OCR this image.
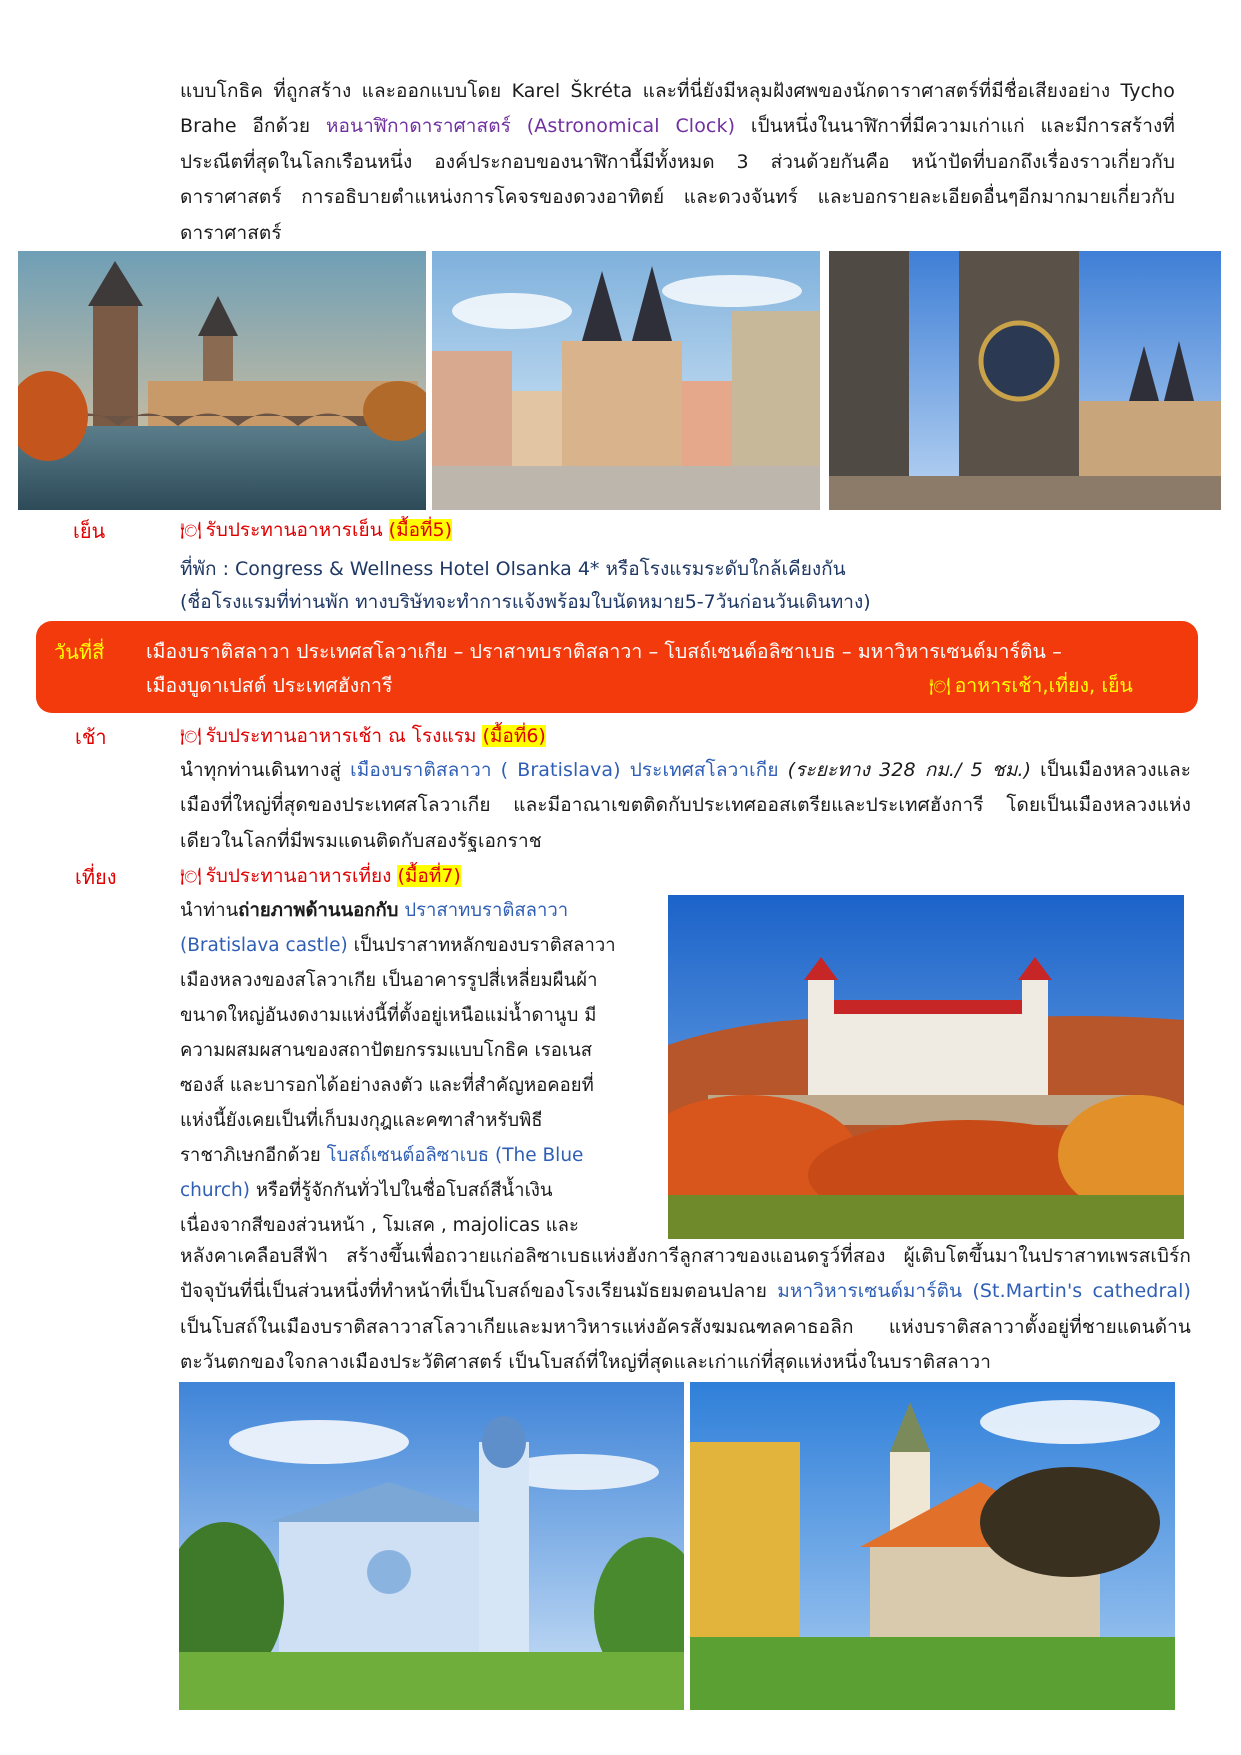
แบบโกธิค ที่ถูกสร้าง และออกแบบโดย Karel Škréta และที่นี่ยังมีหลุมฝังศพของนักดาราศาสตร์ที่มีชื่อเสียงอย่าง Tycho Brahe อีกด้วย หอนาฬิกาดาราศาสตร์ (Astronomical Clock) เป็นหนึ่งในนาฬิกาที่มีความเก่าแก่ และมีการสร้างที่ประณีตที่สุดในโลกเรือนหนึ่ง องค์ประกอบของนาฬิกานี้มีทั้งหมด 3 ส่วนด้วยกันคือ หน้าปัดที่บอกถึงเรื่องราวเกี่ยวกับดาราศาสตร์ การอธิบายตำแหน่งการโคจรของดวงอาทิตย์ และดวงจันทร์ และบอกรายละเอียดอื่นๆอีกมากมายเกี่ยวกับดาราศาสตร์
เย็น	🍽 รับประทานอาหารเย็น (มื้อที่5)
ที่พัก : Congress & Wellness Hotel Olsanka 4* หรือโรงแรมระดับใกล้เคียงกัน
(ชื่อโรงแรมที่ท่านพัก ทางบริษัทจะทำการแจ้งพร้อมใบนัดหมาย5-7วันก่อนวันเดินทาง)
วันที่สี่ เมืองบราติสลาวา ประเทศสโลวาเกีย – ปราสาทบราติสลาวา – โบสถ์เซนต์อลิซาเบธ – มหาวิหารเซนต์มาร์ติน –
เมืองบูดาเปสต์ ประเทศฮังการี	🍽 อาหารเช้า,เที่ยง, เย็น
เช้า	🍽 รับประทานอาหารเช้า ณ โรงแรม (มื้อที่6)
นำทุกท่านเดินทางสู่ เมืองบราติสลาวา ( Bratislava) ประเทศสโลวาเกีย (ระยะทาง 328 กม./ 5 ชม.) เป็นเมืองหลวงและเมืองที่ใหญ่ที่สุดของประเทศสโลวาเกีย และมีอาณาเขตติดกับประเทศออสเตรียและประเทศฮังการี โดยเป็นเมืองหลวงแห่งเดียวในโลกที่มีพรมแดนติดกับสองรัฐเอกราช
เที่ยง	🍽 รับประทานอาหารเที่ยง (มื้อที่7)
นำท่านถ่ายภาพด้านนอกกับ ปราสาทบราติสลาวา
(Bratislava castle) เป็นปราสาทหลักของบราติสลาวา
เมืองหลวงของสโลวาเกีย เป็นอาคารรูปสี่เหลี่ยมผืนผ้า
ขนาดใหญ่อันงดงามแห่งนี้ที่ตั้งอยู่เหนือแม่น้ำดานูบ มี
ความผสมผสานของสถาปัตยกรรมแบบโกธิค เรอเนส
ซองส์ และบารอกได้อย่างลงตัว และที่สำคัญหอคอยที่
แห่งนี้ยังเคยเป็นที่เก็บมงกุฎและคฑาสำหรับพิธี
ราชาภิเษกอีกด้วย โบสถ์เซนต์อลิซาเบธ (The Blue
church) หรือที่รู้จักกันทั่วไปในชื่อโบสถ์สีน้ำเงิน
เนื่องจากสีของส่วนหน้า , โมเสค , majolicas และ
หลังคาเคลือบสีฟ้า สร้างขึ้นเพื่อถวายแก่อลิซาเบธแห่งฮังการีลูกสาวของแอนดรูว์ที่สอง ผู้เติบโตขึ้นมาในปราสาทเพรสเบิร์ก ปัจจุบันที่นี่เป็นส่วนหนึ่งที่ทำหน้าที่เป็นโบสถ์ของโรงเรียนมัธยมตอนปลาย มหาวิหารเซนต์มาร์ติน (St.Martin's cathedral) เป็นโบสถ์ในเมืองบราติสลาวาสโลวาเกียและมหาวิหารแห่งอัครสังฆมณฑลคาธอลิก แห่งบราติสลาวาตั้งอยู่ที่ชายแดนด้านตะวันตกของใจกลางเมืองประวัติศาสตร์ เป็นโบสถ์ที่ใหญ่ที่สุดและเก่าแก่ที่สุดแห่งหนึ่งในบราติสลาวา
